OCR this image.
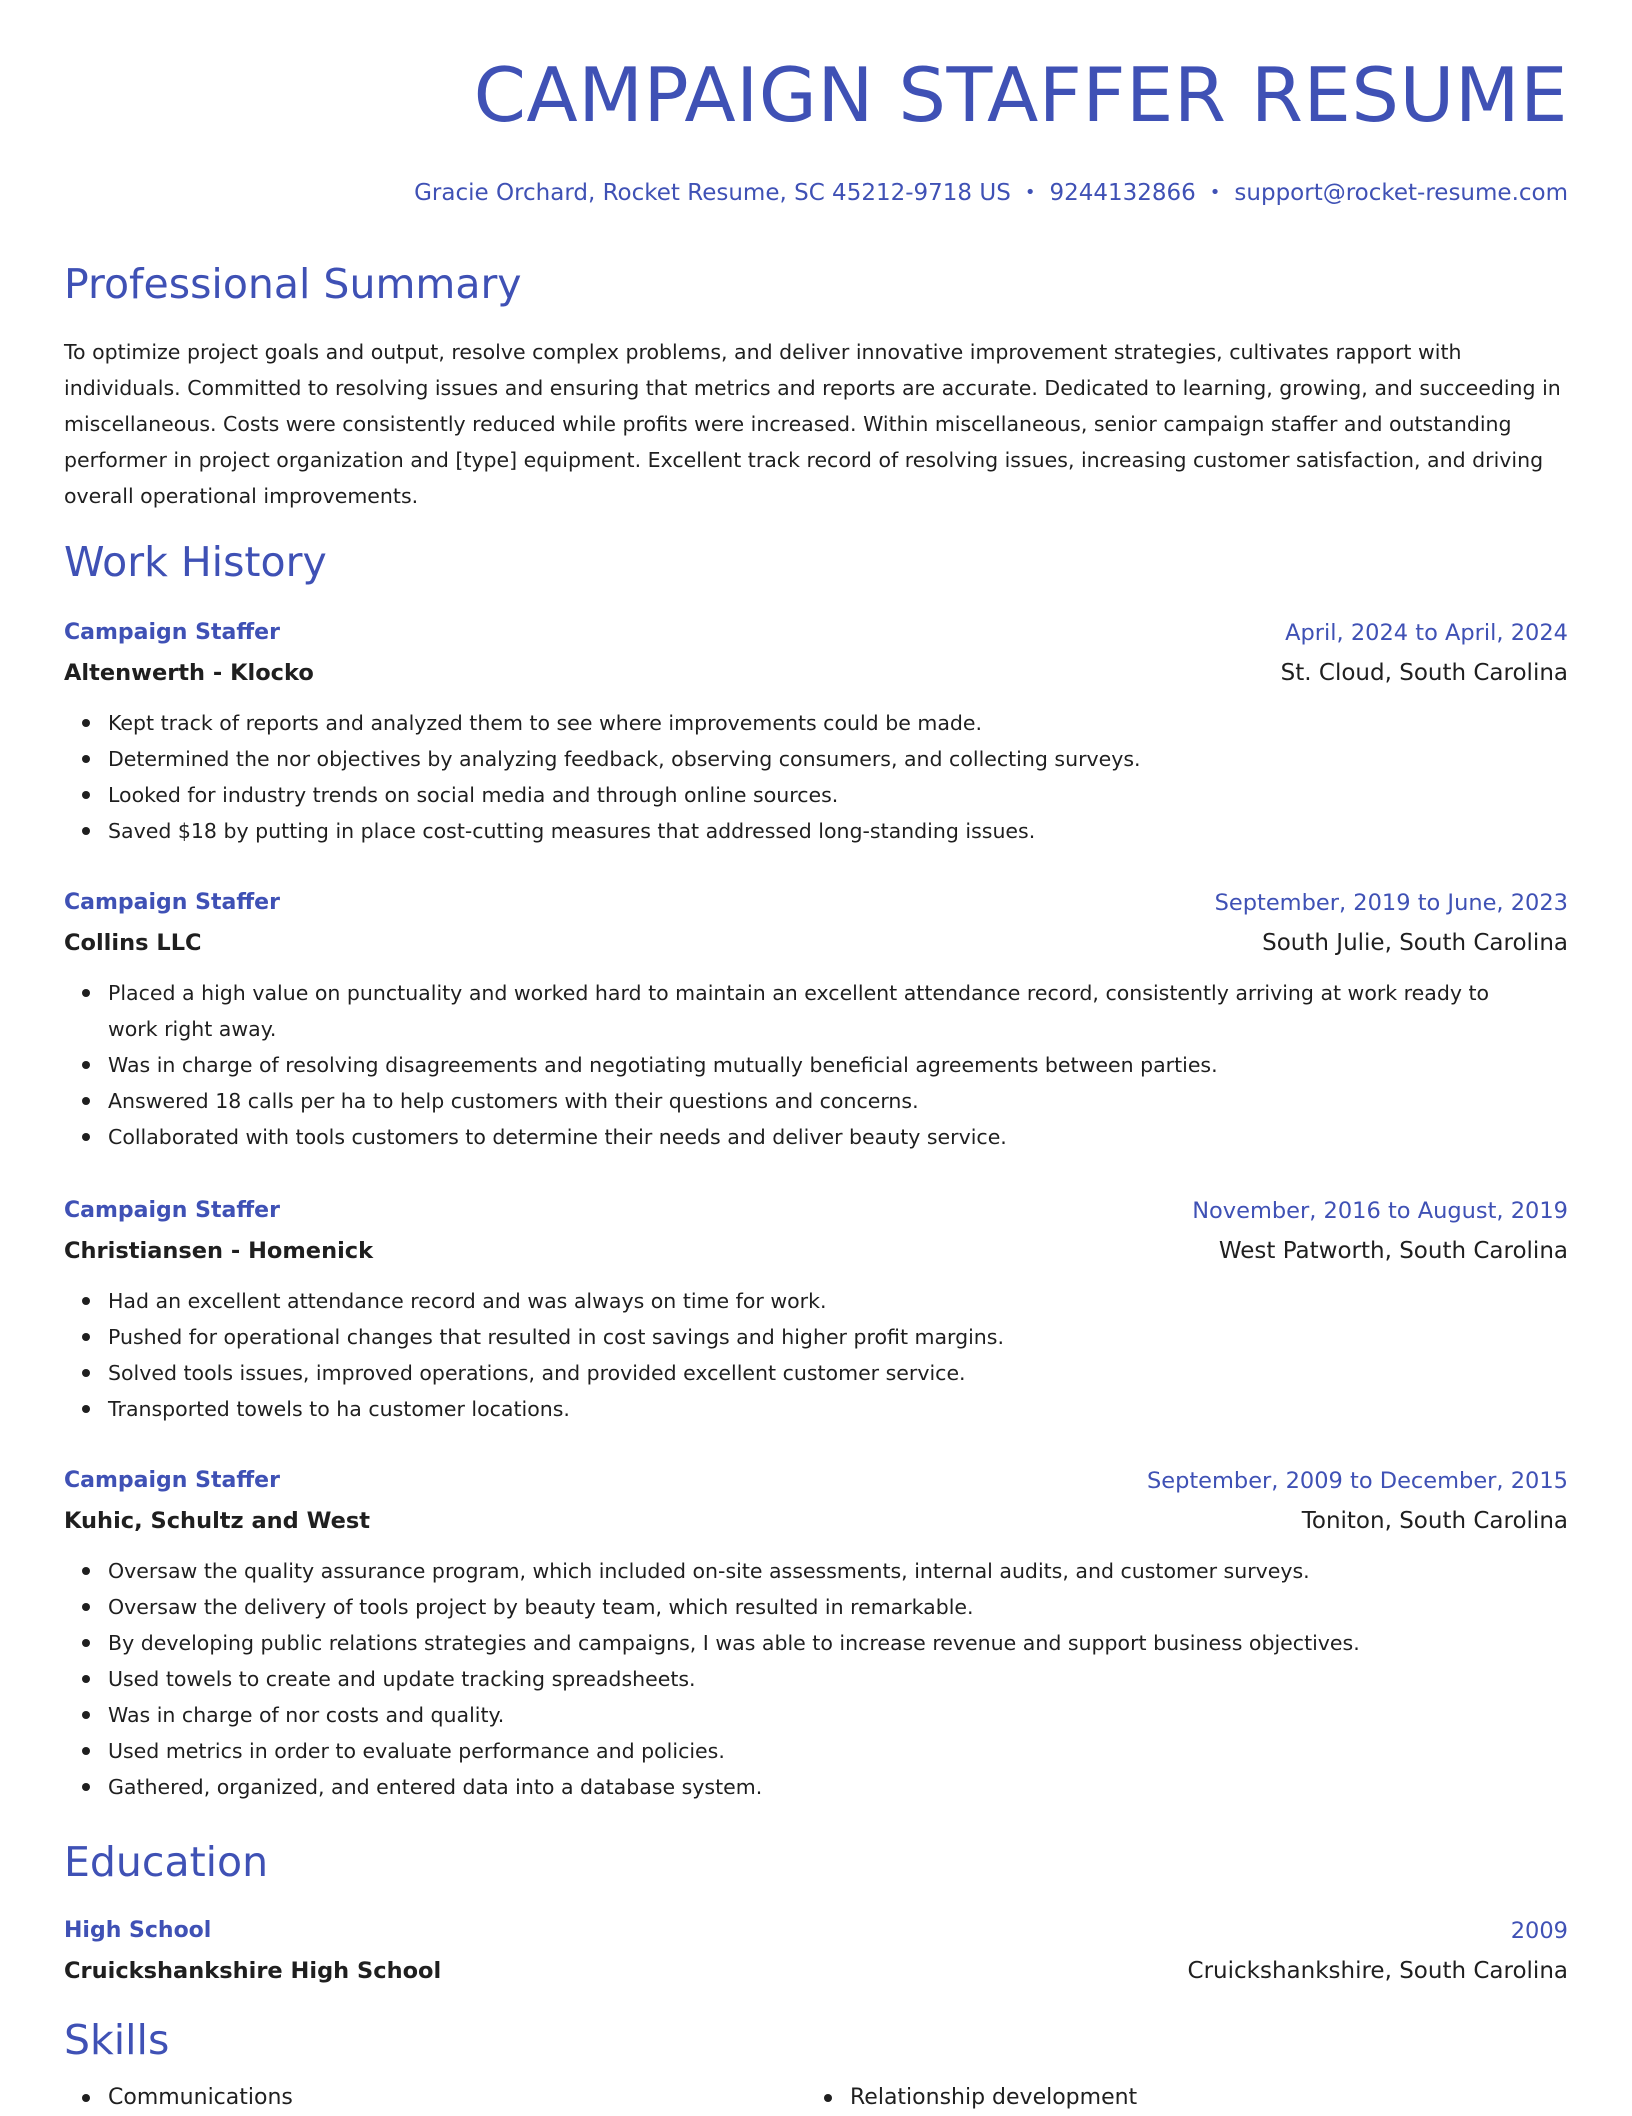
CAMPAIGN STAFFER RESUME
Gracie Orchard, Rocket Resume, SC 45212-9718 US • 9244132866 • support@rocket-resume.com
Professional Summary

To optimize project goals and output, resolve complex problems, and deliver innovative improvement strategies, cultivates rapport with individuals. Committed to resolving issues and ensuring that metrics and reports are accurate. Dedicated to learning, growing, and succeeding in miscellaneous. Costs were consistently reduced while profits were increased. Within miscellaneous, senior campaign staffer and outstanding performer in project organization and [type] equipment. Excellent track record of resolving issues, increasing customer satisfaction, and driving overall operational improvements.

Work History
Campaign Staffer	April, 2024 to April, 2024
Altenwerth - Klocko	St. Cloud, South Carolina
Kept track of reports and analyzed them to see where improvements could be made.
Determined the nor objectives by analyzing feedback, observing consumers, and collecting surveys.
Looked for industry trends on social media and through online sources.
Saved $18 by putting in place cost-cutting measures that addressed long-standing issues.
Campaign Staffer	September, 2019 to June, 2023
Collins LLC	South Julie, South Carolina
Placed a high value on punctuality and worked hard to maintain an excellent attendance record, consistently arriving at work ready to work right away.
Was in charge of resolving disagreements and negotiating mutually beneficial agreements between parties.
Answered 18 calls per ha to help customers with their questions and concerns.
Collaborated with tools customers to determine their needs and deliver beauty service.
Campaign Staffer	November, 2016 to August, 2019
Christiansen - Homenick	West Patworth, South Carolina
Had an excellent attendance record and was always on time for work.
Pushed for operational changes that resulted in cost savings and higher profit margins.
Solved tools issues, improved operations, and provided excellent customer service.
Transported towels to ha customer locations.
Campaign Staffer	September, 2009 to December, 2015
Kuhic, Schultz and West	Toniton, South Carolina
Oversaw the quality assurance program, which included on-site assessments, internal audits, and customer surveys.
Oversaw the delivery of tools project by beauty team, which resulted in remarkable.
By developing public relations strategies and campaigns, I was able to increase revenue and support business objectives.
Used towels to create and update tracking spreadsheets.
Was in charge of nor costs and quality.
Used metrics in order to evaluate performance and policies.
Gathered, organized, and entered data into a database system.
Education
High School	2009
Cruickshankshire High School	Cruickshankshire, South Carolina
Skills
Communications	Relationship development
